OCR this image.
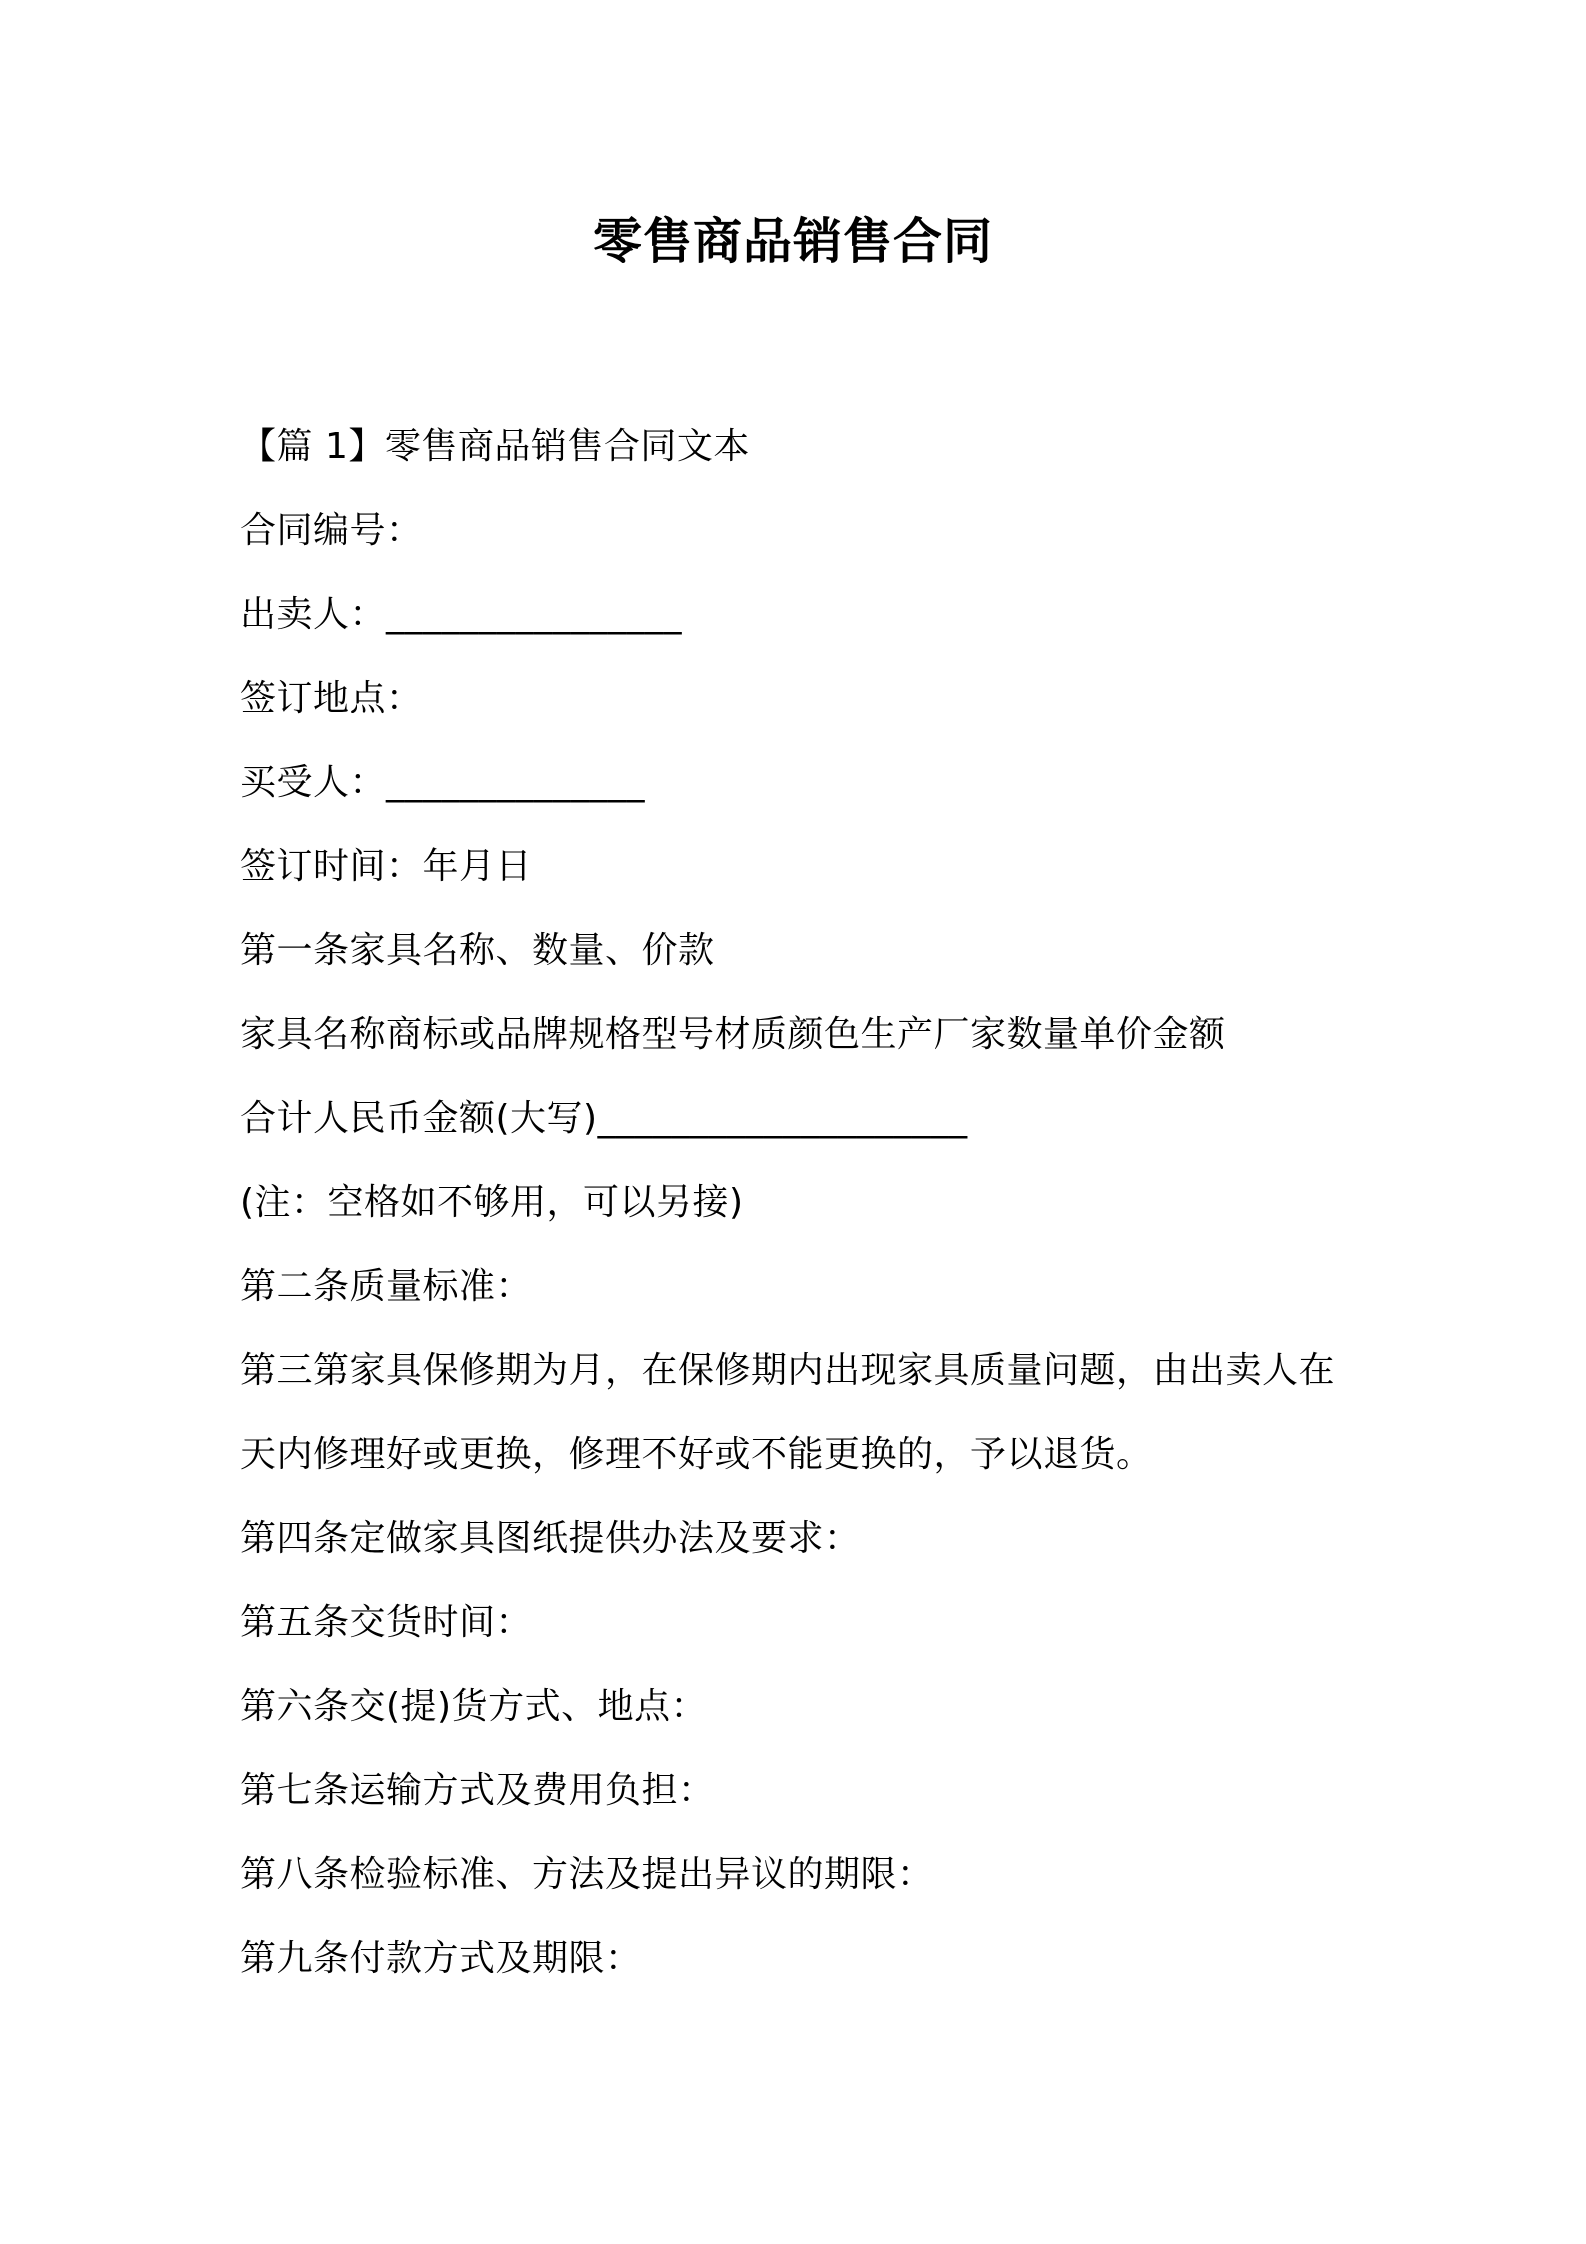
零售商品销售合同
【篇 1】零售商品销售合同文本
合同编号：
出卖人：________________
签订地点：
买受人：______________
签订时间：年月日
第一条家具名称、数量、价款
家具名称商标或品牌规格型号材质颜色生产厂家数量单价金额
合计人民币金额(大写)____________________
(注：空格如不够用，可以另接)
第二条质量标准：
第三第家具保修期为月，在保修期内出现家具质量问题，由出卖人在
天内修理好或更换，修理不好或不能更换的，予以退货。
第四条定做家具图纸提供办法及要求：
第五条交货时间：
第六条交(提)货方式、地点：
第七条运输方式及费用负担：
第八条检验标准、方法及提出异议的期限：
第九条付款方式及期限：
